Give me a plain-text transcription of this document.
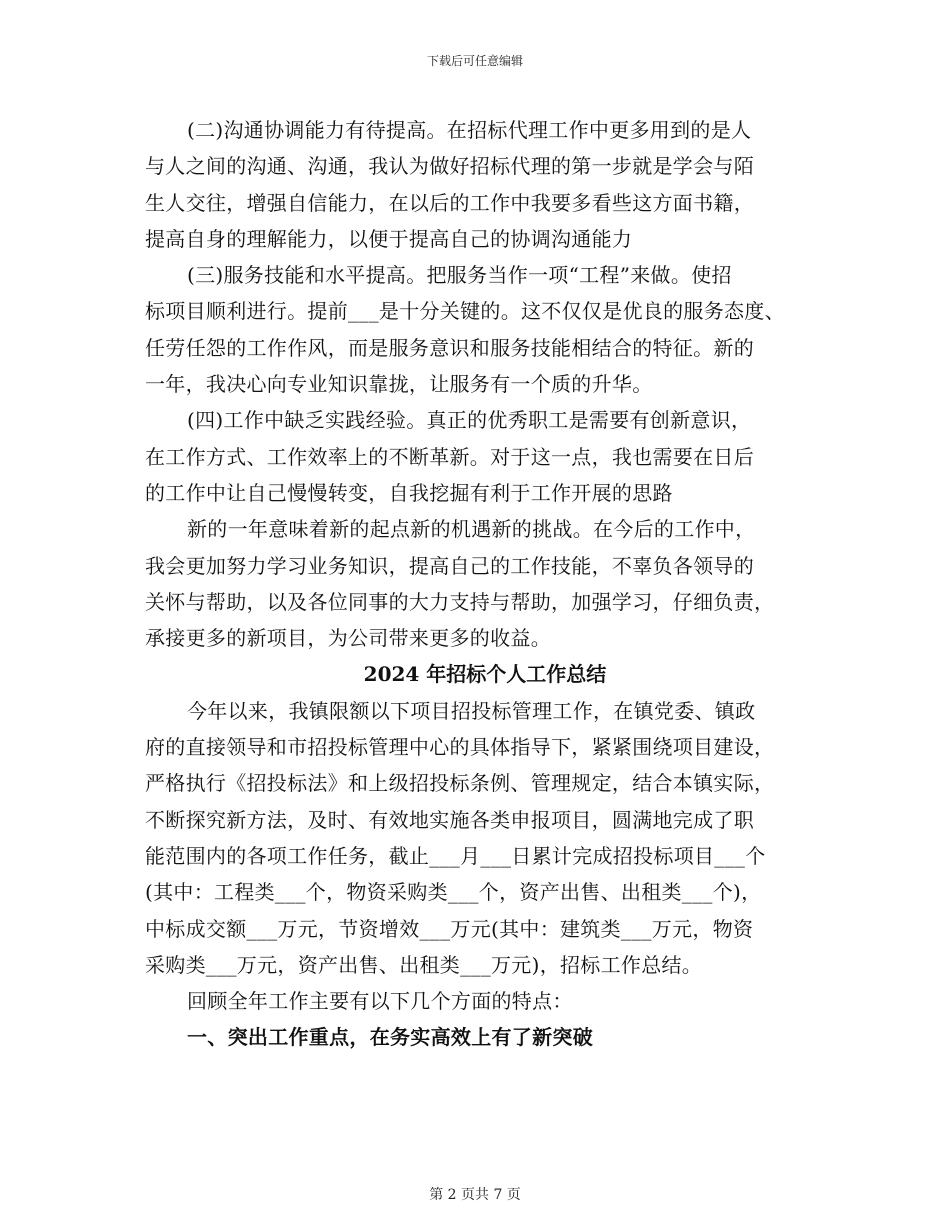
下载后可任意编辑
(二)沟通协调能力有待提高。在招标代理工作中更多用到的是人
与人之间的沟通、沟通，我认为做好招标代理的第一步就是学会与陌
生人交往，增强自信能力，在以后的工作中我要多看些这方面书籍，
提高自身的理解能力，以便于提高自己的协调沟通能力
(三)服务技能和水平提高。把服务当作一项“工程”来做。使招
标项目顺利进行。提前___是十分关键的。这不仅仅是优良的服务态度、
任劳任怨的工作作风，而是服务意识和服务技能相结合的特征。新的
一年，我决心向专业知识靠拢，让服务有一个质的升华。
(四)工作中缺乏实践经验。真正的优秀职工是需要有创新意识，
在工作方式、工作效率上的不断革新。对于这一点，我也需要在日后
的工作中让自己慢慢转变，自我挖掘有利于工作开展的思路
新的一年意味着新的起点新的机遇新的挑战。在今后的工作中，
我会更加努力学习业务知识，提高自己的工作技能，不辜负各领导的
关怀与帮助，以及各位同事的大力支持与帮助，加强学习，仔细负责，
承接更多的新项目，为公司带来更多的收益。
2024 年招标个人工作总结
今年以来，我镇限额以下项目招投标管理工作，在镇党委、镇政
府的直接领导和市招投标管理中心的具体指导下，紧紧围绕项目建设，
严格执行《招投标法》和上级招投标条例、管理规定，结合本镇实际，
不断探究新方法，及时、有效地实施各类申报项目，圆满地完成了职
能范围内的各项工作任务，截止___月___日累计完成招投标项目___个
(其中：工程类___个，物资采购类___个，资产出售、出租类___个)，
中标成交额___万元，节资增效___万元(其中：建筑类___万元，物资
采购类___万元，资产出售、出租类___万元)，招标工作总结。
回顾全年工作主要有以下几个方面的特点：
一、突出工作重点，在务实高效上有了新突破
第 2 页共 7 页
